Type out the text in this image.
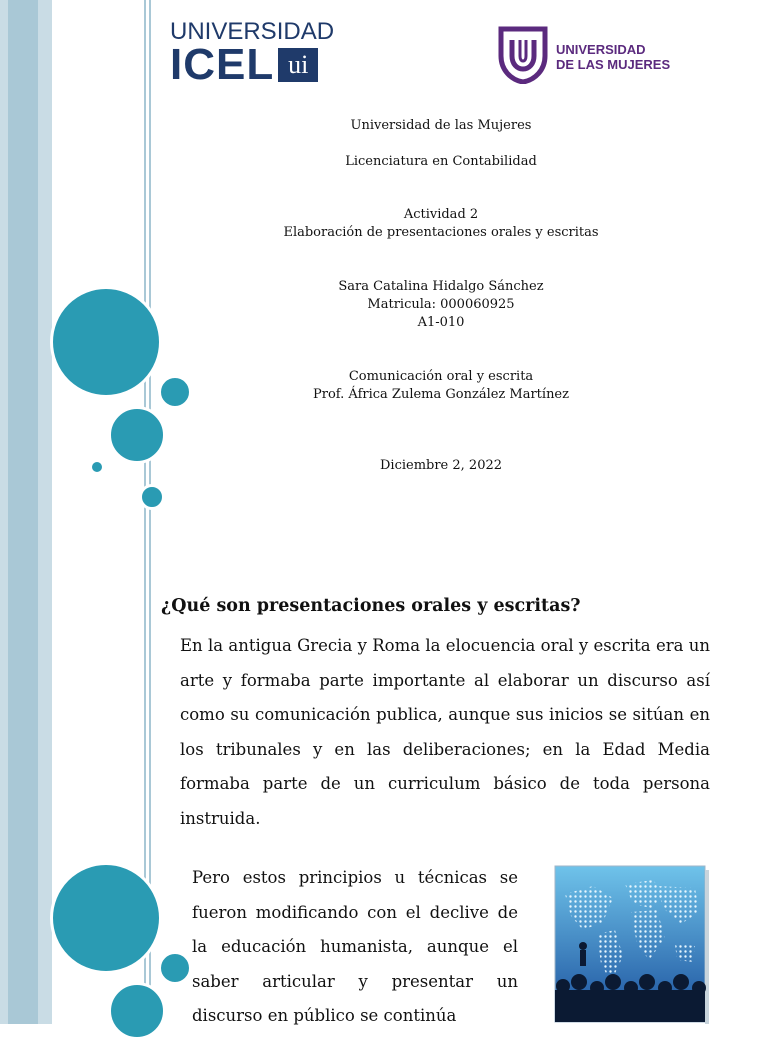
UNIVERSIDAD
ICEL ui
UNIVERSIDAD
DE LAS MUJERES
Universidad de las Mujeres
Licenciatura en Contabilidad
Actividad 2
Elaboración de presentaciones orales y escritas
Sara Catalina Hidalgo Sánchez
Matricula: 000060925
A1-010
Comunicación oral y escrita
Prof. África Zulema González Martínez
Diciembre 2, 2022
¿Qué son presentaciones orales y escritas?
En la antigua Grecia y Roma la elocuencia oral y escrita era un arte y formaba parte importante al elaborar un discurso así como su comunicación publica, aunque sus inicios se sitúan en los tribunales y en las deliberaciones; en la Edad Media formaba parte de un curriculum básico de toda persona instruida.
Pero estos principios u técnicas se fueron modificando con el declive de la educación humanista, aunque el saber articular y presentar un discurso en público se continúa
